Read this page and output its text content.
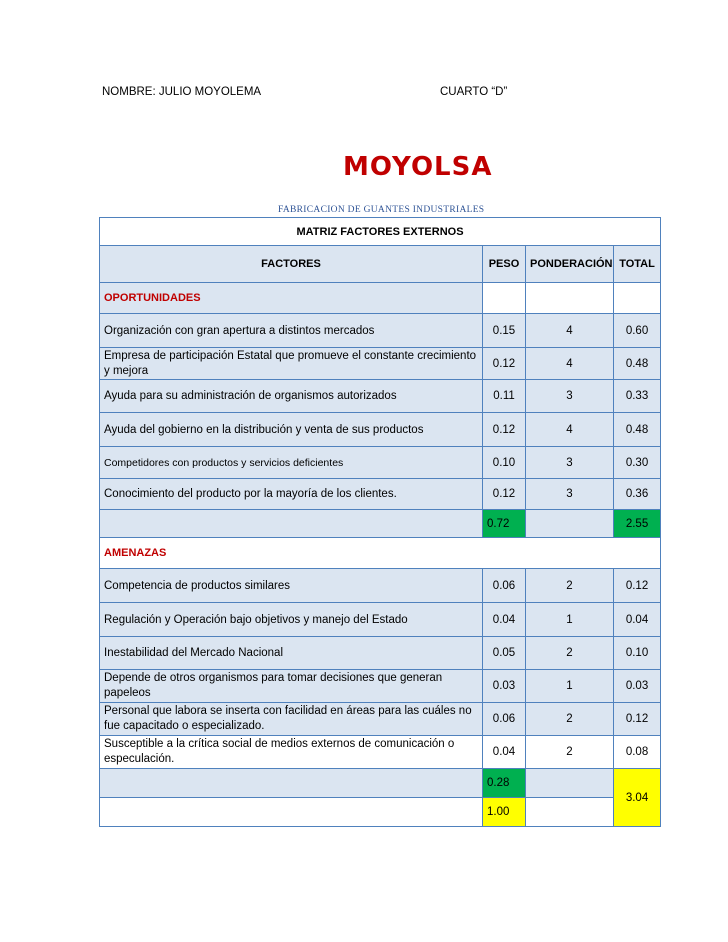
NOMBRE: JULIO MOYOLEMA	CUARTO “D”
MOYOLSA
FABRICACION DE GUANTES INDUSTRIALES
MATRIZ FACTORES EXTERNOS			
FACTORES	PESO	PONDERACIÓN	TOTAL
OPORTUNIDADES			
Organización con gran apertura a distintos mercados	0.15	4	0.60
Empresa de participación Estatal que promueve el constante crecimiento y mejora	0.12	4	0.48
Ayuda para su administración de organismos autorizados	0.11	3	0.33
Ayuda del gobierno en la distribución y venta de sus productos	0.12	4	0.48
Competidores con productos y servicios deficientes	0.10	3	0.30
Conocimiento del producto por la mayoría de los clientes.	0.12	3	0.36
	0.72		2.55
AMENAZAS			
Competencia de productos similares	0.06	2	0.12
Regulación y Operación bajo objetivos y manejo del Estado	0.04	1	0.04
Inestabilidad del Mercado Nacional	0.05	2	0.10
Depende de otros organismos para tomar decisiones que generan papeleos	0.03	1	0.03
Personal que labora se inserta con facilidad en áreas para las cuáles no fue capacitado o especializado.	0.06	2	0.12
Susceptible a la crítica social de medios externos de comunicación o especulación.	0.04	2	0.08
	0.28		3.04
	1.00		
